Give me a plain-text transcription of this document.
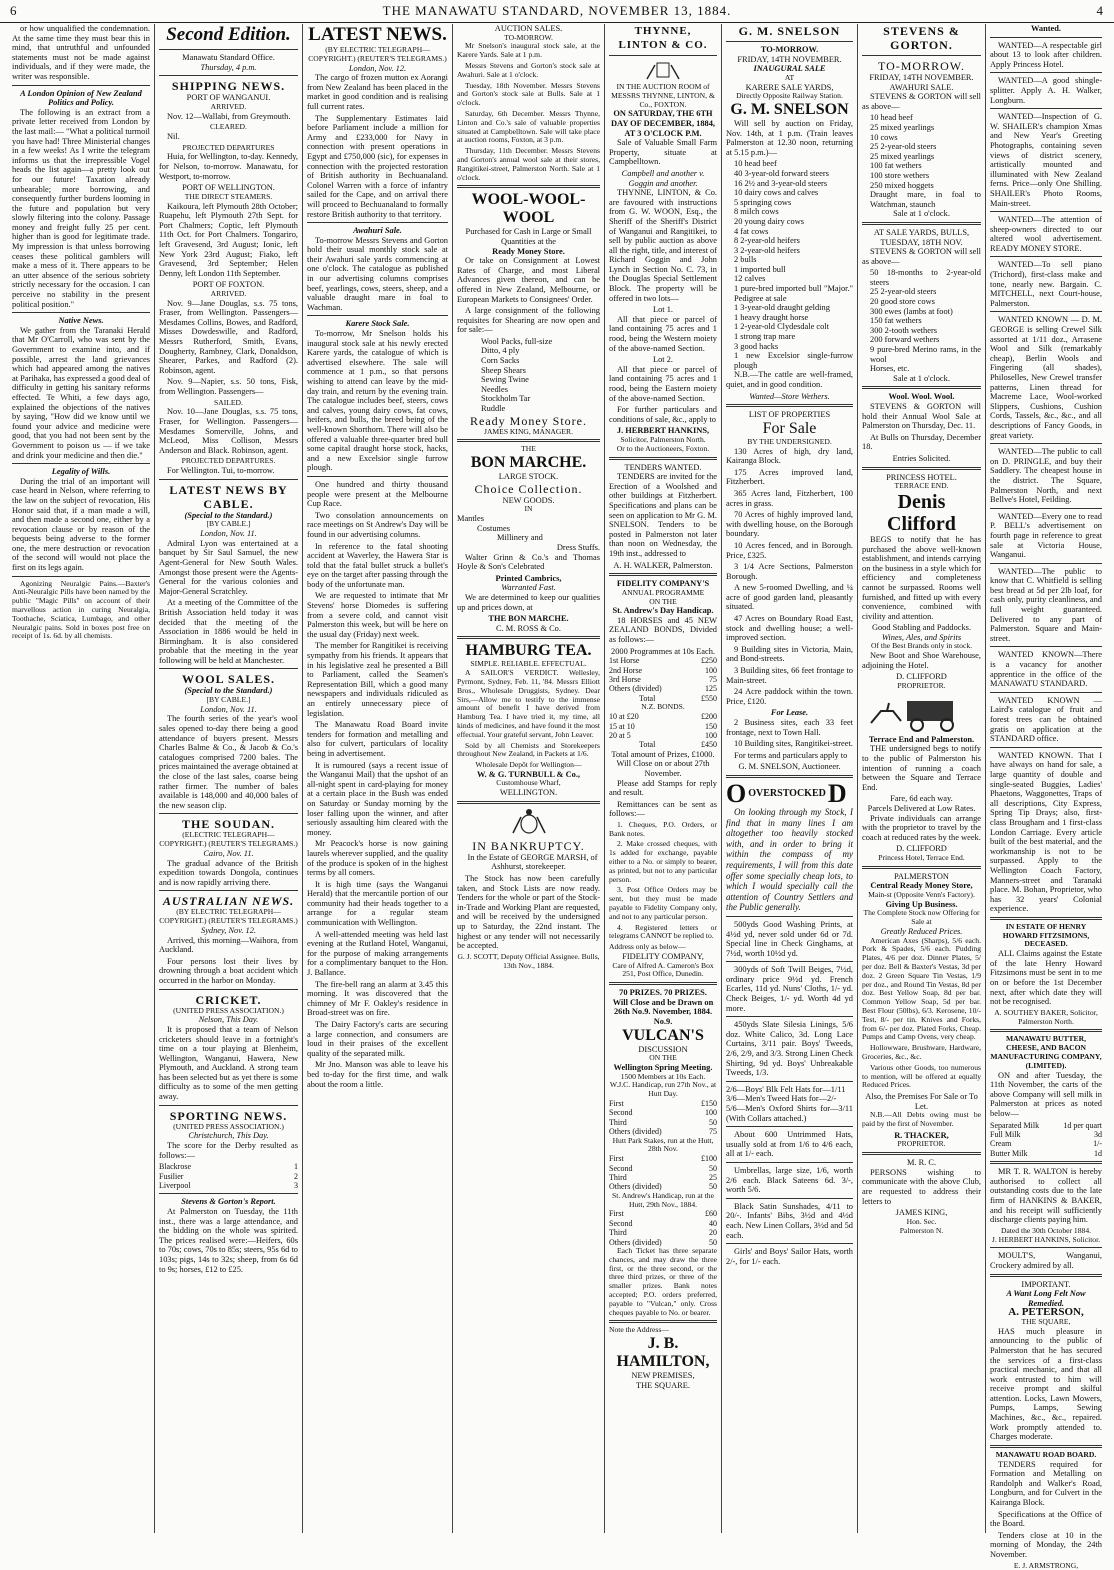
6	THE MANAWATU STANDARD, NOVEMBER 13, 1884.	4

or how unqualified the condemnation. At the same time they must bear this in mind, that untruthful and unfounded statements must not be made against individuals, and if they were made, the writer was responsible.

A London Opinion of New Zealand Politics and Policy.

The following is an extract from a private letter received from London by the last mail:— "What a political turmoil you have had! Three Ministerial changes in a few weeks! As I write the telegram informs us that the irrepressible Vogel heads the list again—a pretty look out for our future! Taxation already unbearable; more borrowing, and consequently further burdens looming in the future and population but very slowly filtering into the colony. Passage money and freight fully 25 per cent. higher than is good for legitimate trade. My impression is that unless borrowing ceases these political gamblers will make a mess of it. There appears to be an utter absence of the serious sobriety strictly necessary for the occasion. I can perceive no stability in the present political position."

Native News.

We gather from the Taranaki Herald that Mr O'Carroll, who was sent by the Government to examine into, and if possible, arrest the land grievances which had appeared among the natives at Parihaka, has expressed a good deal of difficulty in getting his sanitary reforms effected. Te Whiti, a few days ago, explained the objections of the natives by saying, "How did we know until we found your advice and medicine were good, that you had not been sent by the Government to poison us — if we take and drink your medicine and then die."

Legality of Wills.

During the trial of an important will case heard in Nelson, where referring to the law on the subject of revocation, His Honor said that, if a man made a will, and then made a second one, either by a revocation clause or by reason of the bequests being adverse to the former one, the mere destruction or revocation of the second will would not place the first on its legs again.

Agonizing Neuralgic Pains.—Baxter's Anti-Neuralgic Pills have been named by the public "Magic Pills" on account of their marvellous action in curing Neuralgia, Toothache, Sciatica, Lumbago, and other Neuralgic pains. Sold in boxes post free on receipt of 1s. 6d. by all chemists.

Second Edition.
Manawatu Standard Office.
Thursday, 4 p.m.
SHIPPING NEWS.
PORT OF WANGANUI.
ARRIVED.

Nov. 12—Wallabi, from Greymouth.

CLEARED.

Nil.

PROJECTED DEPARTURES

Huia, for Wellington, to-day. Kennedy, for Nelson, to-morrow. Manawatu, for Westport, to-morrow.

PORT OF WELLINGTON.
THE DIRECT STEAMERS.

Kaikoura, left Plymouth 28th October; Ruapehu, left Plymouth 27th Sept. for Port Chalmers; Coptic, left Plymouth 11th Oct. for Port Chalmers. Tongariro, left Gravesend, 3rd August; Ionic, left New York 23rd August; Fiako, left Gravesend, 3rd September; Helen Denny, left London 11th September.

PORT OF FOXTON.
ARRIVED.

Nov. 9—Jane Douglas, s.s. 75 tons, Fraser, from Wellington. Passengers—Mesdames Collins, Bowes, and Radford, Misses Dowdeswille, and Radford, Messrs Rutherford, Smith, Evans, Dougherty, Rambney, Clark, Donaldson, Shearer, Parkes, and Radford (2). Robinson, agent.

Nov. 9—Napier, s.s. 50 tons, Fisk, from Wellington. Passengers—

SAILED.

Nov. 10—Jane Douglas, s.s. 75 tons, Fraser, for Wellington. Passengers—Mesdames Somerville, Johns, and McLeod, Miss Collison, Messrs Anderson and Black. Robinson, agent.

PROJECTED DEPARTURES.

For Wellington. Tui, to-morrow.

LATEST NEWS BY CABLE.
(Special to the Standard.)
[BY CABLE.]
London, Nov. 11.

Admiral Lyon was entertained at a banquet by Sir Saul Samuel, the new Agent-General for New South Wales. Amongst those present were the Agents-General for the various colonies and Major-General Scratchley.

At a meeting of the Committee of the British Association held today it was decided that the meeting of the Association in 1886 would be held in Birmingham. It is also considered probable that the meeting in the year following will be held at Manchester.

WOOL SALES.
(Special to the Standard.)
[BY CABLE.]
London, Nov. 11.

The fourth series of the year's wool sales opened to-day there being a good attendance of buyers present. Messrs Charles Balme & Co., & Jacob & Co.'s catalogues comprised 7200 bales. The prices maintained the average obtained at the close of the last sales, coarse being rather firmer. The number of bales available is 148,000 and 40,000 bales of the new season clip.

THE SOUDAN.
(ELECTRIC TELEGRAPH—COPYRIGHT.) (REUTER'S TELEGRAMS.)
Cairo, Nov. 11.

The gradual advance of the British expedition towards Dongola, continues and is now rapidly arriving there.

AUSTRALIAN NEWS.
(BY ELECTRIC TELEGRAPH—COPYRIGHT.) (REUTER'S TELEGRAMS.)
Sydney, Nov. 12.

Arrived, this morning—Waihora, from Auckland.

Four persons lost their lives by drowning through a boat accident which occurred in the harbor on Monday.

CRICKET.
(UNITED PRESS ASSOCIATION.)
Nelson, This Day.

It is proposed that a team of Nelson cricketers should leave in a fortnight's time on a tour playing at Blenheim, Wellington, Wanganui, Hawera, New Plymouth, and Auckland. A strong team has been selected but as yet there is some difficulty as to some of the men getting away.

SPORTING NEWS.
(UNITED PRESS ASSOCIATION.)
Christchurch, This Day.

The score for the Derby resulted as follows:—

Blackrose	1
Fusilier	2
Liverpool	3
Stevens & Gorton's Report.

At Palmerston on Tuesday, the 11th inst., there was a large attendance, and the bidding on the whole was spirited. The prices realised were:—Heifers, 60s to 70s; cows, 70s to 85s; steers, 95s 6d to 103s; pigs, 14s to 32s; sheep, from 6s 6d to 9s; horses, £12 to £25.

LATEST NEWS.
(BY ELECTRIC TELEGRAPH—COPYRIGHT.) (REUTER'S TELEGRAMS.)
London, Nov. 12.

The cargo of frozen mutton ex Aorangi from New Zealand has been placed in the market in good condition and is realising full current rates.

The Supplementary Estimates laid before Parliament include a million for Army and £233,000 for Navy in connection with present operations in Egypt and £750,000 (sic), for expenses in connection with the projected restoration of British authority in Bechuanaland. Colonel Warren with a force of infantry sailed for the Cape, and on arrival there will proceed to Bechuanaland to formally restore British authority to that territory.

Awahuri Sale.

To-morrow Messrs Stevens and Gorton hold their usual monthly stock sale at their Awahuri sale yards commencing at one o'clock. The catalogue as published in our advertising columns comprises beef, yearlings, cows, steers, sheep, and a valuable draught mare in foal to Wachman.

Karere Stock Sale.

To-morrow, Mr Snelson holds his inaugural stock sale at his newly erected Karere yards, the catalogue of which is advertised elsewhere. The sale will commence at 1 p.m., so that persons wishing to attend can leave by the mid-day train, and return by the evening train. The catalogue includes beef, steers, cows and calves, young dairy cows, fat cows, heifers, and bulls, the breed being of the well-known Shorthorn. There will also be offered a valuable three-quarter bred bull some capital draught horse stock, hacks, and a new Excelsior single furrow plough.

One hundred and thirty thousand people were present at the Melbourne Cup Race.

Two consolation announcements on race meetings on St Andrew's Day will be found in our advertising columns.

In reference to the fatal shooting accident at Waverley, the Hawera Star is told that the fatal bullet struck a bullet's eye on the target after passing through the body of the unfortunate man.

We are requested to intimate that Mr Stevens' horse Diomedes is suffering from a severe cold, and cannot visit Palmerston this week, but will be here on the usual day (Friday) next week.

The member for Rangitikei is receiving sympathy from his friends. It appears that in his legislative zeal he presented a Bill to Parliament, called the Seamen's Representation Bill, which a good many newspapers and individuals ridiculed as an entirely unnecessary piece of legislation.

The Manawatu Road Board invite tenders for formation and metalling and also for culvert, particulars of locality being in advertisement.

It is rumoured (says a recent issue of the Wanganui Mail) that the upshot of an all-night spent in card-playing for money at a certain place in the Bush was ended on Saturday or Sunday morning by the loser falling upon the winner, and after seriously assaulting him cleared with the money.

Mr Peacock's horse is now gaining laurels wherever supplied, and the quality of the produce is spoken of in the highest terms by all comers.

It is high time (says the Wanganui Herald) that the mercantile portion of our community had their heads together to a arrange for a regular steam communication with Wellington.

A well-attended meeting was held last evening at the Rutland Hotel, Wanganui, for the purpose of making arrangements for a complimentary banquet to the Hon. J. Ballance.

The fire-bell rang an alarm at 3.45 this morning. It was discovered that the chimney of Mr F. Oakley's residence in Broad-street was on fire.

The Dairy Factory's carts are securing a large connection, and consumers are loud in their praises of the excellent quality of the separated milk.

Mr Jno. Manson was able to leave his bed to-day for the first time, and walk about the room a little.

AUCTION SALES.
TO-MORROW.

Mr Snelson's inaugural stock sale, at the Karere Yards. Sale at 1 p.m.

Messrs Stevens and Gorton's stock sale at Awahuri. Sale at 1 o'clock.

Tuesday, 18th November. Messrs Stevens and Gorton's stock sale at Bulls. Sale at 1 o'clock.

Saturday, 6th December. Messrs Thynne, Linton and Co.'s sale of valuable properties situated at Campbelltown. Sale will take place at auction rooms, Foxton, at 3 p.m.

Thursday, 11th December. Messrs Stevens and Gorton's annual wool sale at their stores, Rangitikei-street, Palmerston North. Sale at 1 o'clock.

WOOL-WOOL-WOOL
Purchased for Cash in Large or Small Quantities at the
Ready Money Store.

Or take on Consignment at Lowest Rates of Charge, and most Liberal Advances given thereon, and can be offered in New Zealand, Melbourne, or European Markets to Consignees' Order.

A large consignment of the following requisites for Shearing are now open and for sale:—

Wool Packs, full-size
Ditto, 4 ply
Corn Sacks
Sheep Shears
Sewing Twine
Needles
Stockholm Tar
Ruddle
Ready Money Store.
JAMES KING, MANAGER.
THE
BON MARCHE.
LARGE STOCK.
Choice Collection.
NEW GOODS.
IN
Mantles
Costumes
Millinery and
Dress Stuffs.

Walter Grinn & Co.'s and Thomas Hoyle & Son's Celebrated

Printed Cambrics,
Warranted Fast.

We are determined to keep our qualities up and prices down, at

THE BON MARCHE.
C. M. ROSS & Co.
HAMBURG TEA.
SIMPLE. RELIABLE. EFFECTUAL.

A SAILOR'S VERDICT. Wellesley, Pyrmont, Sydney, Feb. 11, '84. Messrs Elliott Bros., Wholesale Druggists, Sydney. Dear Sirs,—Allow me to testify to the immense amount of benefit I have derived from Hamburg Tea. I have tried it, my time, all kinds of medicines, and have found it the most effectual. Your grateful servant, John Leaver.

Sold by all Chemists and Storekeepers throughout New Zealand, in Packets at 1/6.

Wholesale Depôt for Wellington—
W. & G. TURNBULL & Co.,
Customhouse Wharf,
WELLINGTON.
IN BANKRUPTCY.

In the Estate of GEORGE MARSH, of Ashhurst, storekeeper.

The Stock has now been carefully taken, and Stock Lists are now ready. Tenders for the whole or part of the Stock-in-Trade and Working Plant are requested, and will be received by the undersigned up to Saturday, the 22nd instant. The highest or any tender will not necessarily be accepted.

G. J. SCOTT, Deputy Official Assignee. Bulls, 13th Nov., 1884.
THYNNE, LINTON & CO.
IN THE AUCTION ROOM of MESSRS THYNNE, LINTON, & Co., FOXTON.
ON SATURDAY, THE 6TH DAY OF DECEMBER, 1884, AT 3 O'CLOCK P.M.

Sale of Valuable Small Farm Property, situate at Campbelltown.

Campbell and another v. Goggin and another.

THYNNE, LINTON, & Co. are favoured with instructions from G. W. WOON, Esq., the Sheriff of the Sheriff's District of Wanganui and Rangitikei, to sell by public auction as above all the right, title, and interest of Richard Goggin and John Lynch in Section No. C. 73, in the Douglas Special Settlement Block. The property will be offered in two lots—

Lot 1.

All that piece or parcel of land containing 75 acres and 1 rood, being the Western moiety of the above-named Section.

Lot 2.

All that piece or parcel of land containing 75 acres and 1 rood, being the Eastern moiety of the above-named Section.

For further particulars and conditions of sale, &c., apply to

J. HERBERT HANKINS,
Solicitor, Palmerston North.
Or to the Auctioneers, Foxton.
TENDERS WANTED.

TENDERS are invited for the Erection of a Woolshed and other buildings at Fitzherbert. Specifications and plans can be seen on application to Mr G. M. SNELSON. Tenders to be posted in Palmerston not later than noon on Wednesday, the 19th inst., addressed to

A. H. WALKER, Palmerston.
FIDELITY COMPANY'S
ANNUAL PROGRAMME
ON THE
St. Andrew's Day Handicap.

18 HORSES and 45 NEW ZEALAND BONDS, Divided as follows:—

2000 Programmes at 10s Each.
1st Horse	£250
2nd Horse	100
3rd Horse	75
Others (divided)	125
Total	£550
N.Z. BONDS.
10 at £20	£200
15 at 10	150
20 at 5	100
Total	£450
Total amount of Prizes, £1000.
Will Close on or about 27th November.

Please add Stamps for reply and result.

Remittances can be sent as follows:—

1. Cheques, P.O. Orders, or Bank notes.

2. Make crossed cheques, with 1s added for exchange, payable either to a No. or simply to bearer, as printed, but not to any particular person.

3. Post Office Orders may be sent, but they must be made payable to Fidelity Company only, and not to any particular person.

4. Registered letters or telegrams CANNOT be replied to.

Address only as below—
FIDELITY COMPANY,
Care of Alfred A. Cameron's Box 251, Post Office, Dunedin.
70 PRIZES. 70 PRIZES.
Will Close and be Drawn on 26th No.9. November, 1884. No.9.
VULCAN'S
DISCUSSION
ON THE
Wellington Spring Meeting.
1500 Members at 10s Each.
W.J.C. Handicap, run 27th Nov., at Hutt Day.
First	£150
Second	100
Third	50
Others (divided)	75
Hutt Park Stakes, run at the Hutt, 28th Nov.
First	£100
Second	50
Third	25
Others (divided)	50
St. Andrew's Handicap, run at the Hutt, 29th Nov., 1884.
First	£60
Second	40
Third	20
Others (divided)	50

Each Ticket has three separate chances, and may draw the three first, or the three second, or the three third prizes, or three of the smaller prizes. Bank notes accepted; P.O. orders preferred, payable to "Vulcan," only. Cross cheques payable to No. or bearer.

Note the Address—
J. B. HAMILTON,
NEW PREMISES,
THE SQUARE.
G. M. SNELSON
TO-MORROW.
FRIDAY, 14TH NOVEMBER.
INAUGURAL SALE
AT
KARERE SALE YARDS,
Directly Opposite Railway Station.
G. M. SNELSON

Will sell by auction on Friday, Nov. 14th, at 1 p.m. (Train leaves Palmerston at 12.30 noon, returning at 5.15 p.m.)—

10 head beef
40 3-year-old forward steers
16 2½ and 3-year-old steers
10 dairy cows and calves
5 springing cows
8 milch cows
20 young dairy cows
4 fat cows
8 2-year-old heifers
3 2-year-old heifers
2 bulls
1 imported bull
12 calves
1 pure-bred imported bull "Major." Pedigree at sale
1 3-year-old draught gelding
1 heavy draught horse
1 2-year-old Clydesdale colt
1 strong trap mare
3 good hacks
1 new Excelsior single-furrow plough

N.B.—The cattle are well-framed, quiet, and in good condition.

Wanted—Store Wethers.
LIST OF PROPERTIES
For Sale
BY THE UNDERSIGNED.

130 Acres of high, dry land, Kairanga Block.

175 Acres improved land, Fitzherbert.

365 Acres land, Fitzherbert, 100 acres in grass.

70 Acres of highly improved land, with dwelling house, on the Borough boundary.

10 Acres fenced, and in Borough. Price, £325.

3 1/4 Acre Sections, Palmerston Borough.

A new 5-roomed Dwelling, and ¼ acre of good garden land, pleasantly situated.

47 Acres on Boundary Road East, stock and dwelling house; a well-improved section.

9 Building sites in Victoria, Main, and Bond-streets.

3 Building sites, 66 feet frontage to Main-street.

24 Acre paddock within the town. Price, £120.

For Lease.

2 Business sites, each 33 feet frontage, next to Town Hall.

10 Building sites, Rangitikei-street.

For terms and particulars apply to

G. M. SNELSON, Auctioneer.
O OVERSTOCKED D

On looking through my Stock, I find that in many lines I am altogether too heavily stocked with, and in order to bring it within the compass of my requirements, I will from this date offer some specially cheap lots, to which I would specially call the attention of Country Settlers and the Public generally.

500yds Good Washing Prints, at 4½d yd, never sold under 6d or 7d. Special line in Check Ginghams, at 7½d, worth 10½d yd.

300yds of Soft Twill Beiges, 7½d, ordinary price 9½d yd. French Ecarles, 11d yd. Nuns' Cloths, 1/- yd. Check Beiges, 1/- yd. Worth 4d yd more.

450yds Slate Silesia Linings, 5/6 doz. White Calico, 3d. Long Lace Curtains, 3/11 pair. Boys' Tweeds, 2/6, 2/9, and 3/3. Strong Linen Check Shirting, 9d yd. Boys' Unbreakable Tweeds, 1/3.

2/6—Boys' Blk Felt Hats for—1/11
3/6—Men's Tweed Hats for—2/-
5/6—Men's Oxford Shirts for—3/11 (With Collars attached.)

About 600 Untrimmed Hats, usually sold at from 1/6 to 4/6 each, all at 1/- each.

Umbrellas, large size, 1/6, worth 2/6 each. Black Sateens 6d. 3/-, worth 5/6.

Black Satin Sunshades, 4/11 to 20/-. Infants' Bibs, 3½d and 4½d each. New Linen Collars, 3½d and 5d each.

Girls' and Boys' Sailor Hats, worth 2/-, for 1/- each.

STEVENS & GORTON.
TO-MORROW.
FRIDAY, 14TH NOVEMBER.
AWAHURI SALE.

STEVENS & GORTON will sell as above—

10 head beef
25 mixed yearlings
10 cows
25 2-year-old steers
25 mixed yearlings
100 fat wethers
100 store wethers
250 mixed hoggets
Draught mare, in foal to Watchman, staunch
Sale at 1 o'clock.
AT SALE YARDS, BULLS,
TUESDAY, 18TH NOV.

STEVENS & GORTON will sell as above—

50 18-months to 2-year-old steers
25 2-year-old steers
20 good store cows
300 ewes (lambs at foot)
150 fat wethers
300 2-tooth wethers
200 forward wethers
9 pure-bred Merino rams, in the wool
Horses, etc.
Sale at 1 o'clock.
Wool. Wool. Wool.

STEVENS & GORTON will hold their Annual Wool Sale at Palmerston on Thursday, Dec. 11.

At Bulls on Thursday, December 18.

Entries Solicited.
PRINCESS HOTEL.
TERRACE END.
Denis Clifford

BEGS to notify that he has purchased the above well-known establishment, and intends carrying on the business in a style which for efficiency and completeness cannot be surpassed. Rooms well furnished, and fitted up with every convenience, combined with civility and attention.

Good Stabling and Paddocks.
Wines, Ales, and Spirits
Of the Best Brands only in stock.

New Boot and Shoe Warehouse, adjoining the Hotel.

D. CLIFFORD
PROPRIETOR.
Terrace End and Palmerston.

THE undersigned begs to notify to the public of Palmerston his intention of running a coach between the Square and Terrace End.

Fare, 6d each way.
Parcels Delivered at Low Rates.

Private individuals can arrange with the proprietor to travel by the coach at reduced rates by the week.

D. CLIFFORD
Princess Hotel, Terrace End.
PALMERSTON
Central Ready Money Store,
Main-st (Opposite Venn's Factory).
Giving Up Business.
The Complete Stock now Offering for Sale at
Greatly Reduced Prices.

American Axes (Sharps), 5/6 each. Pork & Spades, 5/6 each. Pudding Plates, 4/6 per doz. Dinner Plates, 5/ per doz. Bell & Baxter's Vestas, 3d per doz. 2 Green Square Tin Vestas, 1/9 per doz., and Round Tin Vestas, 8d per doz. Best Yellow Soap, 8d per bar. Common Yellow Soap, 5d per bar. Best Flour (50lbs), 6/3. Kerosene, 10/- Test, 8/- per tin. Knives and Forks, from 6/- per doz. Plated Forks, Cheap. Pumps and Camp Ovens, very cheap.

Hollowware, Brushware, Hardware, Groceries, &c., &c.

Various other Goods, too numerous to mention, will be offered at equally Reduced Prices.

Also, the Premises For Sale or To Let.

N.B.—All Debts owing must be paid by the first of November.

R. THACKER,
PROPRIETOR.
M. R. C.

PERSONS wishing to communicate with the above Club, are requested to address their letters to

JAMES KING,
Hon. Sec.
Palmerston N.
Wanted.

WANTED—A respectable girl about 13 to look after children. Apply Princess Hotel.

WANTED—A good shingle-splitter. Apply A. H. Walker, Longburn.

WANTED—Inspection of G. W. SHAILER's champion Xmas and New Year's Greeting Photographs, containing seven views of district scenery, artistically mounted and illuminated with New Zealand ferns. Price—only One Shilling. SHAILER's Photo Rooms, Main-street.

WANTED—The attention of sheep-owners directed to our altered wool advertisement. READY MONEY STORE.

WANTED—To sell piano (Trichord), first-class make and tone, nearly new. Bargain. C. MITCHELL, next Court-house, Palmerston.

WANTED KNOWN — D. M. GEORGE is selling Crewel Silk assorted at 1/11 doz., Arrasene Wool and Silk (remarkably cheap), Berlin Wools and Fingering (all shades), Philoselles, New Crewel transfer patterns, Linen thread for Macreme Lace, Wool-worked Slippers, Cushions, Cushion Cords, Tassels, &c., &c., and all descriptions of Fancy Goods, in great variety.

WANTED—The public to call on D. PRINGLE, and buy their Saddlery. The cheapest house in the district. The Square, Palmerston North, and next Bellve's Hotel, Feilding.

WANTED—Every one to read P. BELL's advertisement on fourth page in reference to great sale at Victoria House, Wanganui.

WANTED—The public to know that C. Whitfield is selling best bread at 5d per 2lb loaf, for cash only, purity cleanliness, and full weight guaranteed. Delivered to any part of Palmerston. Square and Main-street.

WANTED KNOWN—There is a vacancy for another apprentice in the office of the MANAWATU STANDARD.

WANTED KNOWN — Laird's catalogue of fruit and forest trees can be obtained gratis on application at the STANDARD office.

WANTED KNOWN. That I have always on hand for sale, a large quantity of double and single-seated Buggies, Ladies' Phaetons, Waggonettes, Traps of all descriptions, City Express, Spring Tip Drays; also, first-class Brougham and 1 first-class London Carriage. Every article built of the best material, and the workmanship is not to be surpassed. Apply to the Wellington Coach Factory, Manners-street and Taranaki place. M. Bohan, Proprietor, who has 32 years' Colonial experience.

IN ESTATE OF HENRY HOWARD FITZSIMONS, DECEASED.

ALL Claims against the Estate of the late Henry Howard Fitzsimons must be sent in to me on or before the 1st December next, after which date they will not be recognised.

A. SOUTHEY BAKER, Solicitor, Palmerston North.
MANAWATU BUTTER, CHEESE, AND BACON MANUFACTURING COMPANY, (LIMITED).

ON and after Tuesday, the 11th November, the carts of the above Company will sell milk in Palmerston at prices as noted below—

Separated Milk	1d per quart
Full Milk	3d
Cream	1/-
Butter Milk	1d

MR T. R. WALTON is hereby authorised to collect all outstanding costs due to the late firm of HANKINS & BAKER, and his receipt will sufficiently discharge clients paying him.

Dated the 30th October 1884.
J. HERBERT HANKINS, Solicitor.

MOULT'S, Wanganui, Crockery admired by all.

IMPORTANT.
A Want Long Felt Now Remedied.
A. PETERSON,
THE SQUARE,

HAS much pleasure in announcing to the public of Palmerston that he has secured the services of a first-class practical mechanic, and that all work entrusted to him will receive prompt and skilful attention. Locks, Lawn Mowers, Pumps, Lamps, Sewing Machines, &c., &c., repaired. Work promptly attended to. Charges moderate.

MANAWATU ROAD BOARD.

TENDERS required for Formation and Metalling on Randolph and Walker's Road, Longburn, and for Culvert in the Kairanga Block.

Specifications at the Office of the Board.

Tenders close at 10 in the morning of Monday, the 24th November.

E. J. ARMSTRONG,
